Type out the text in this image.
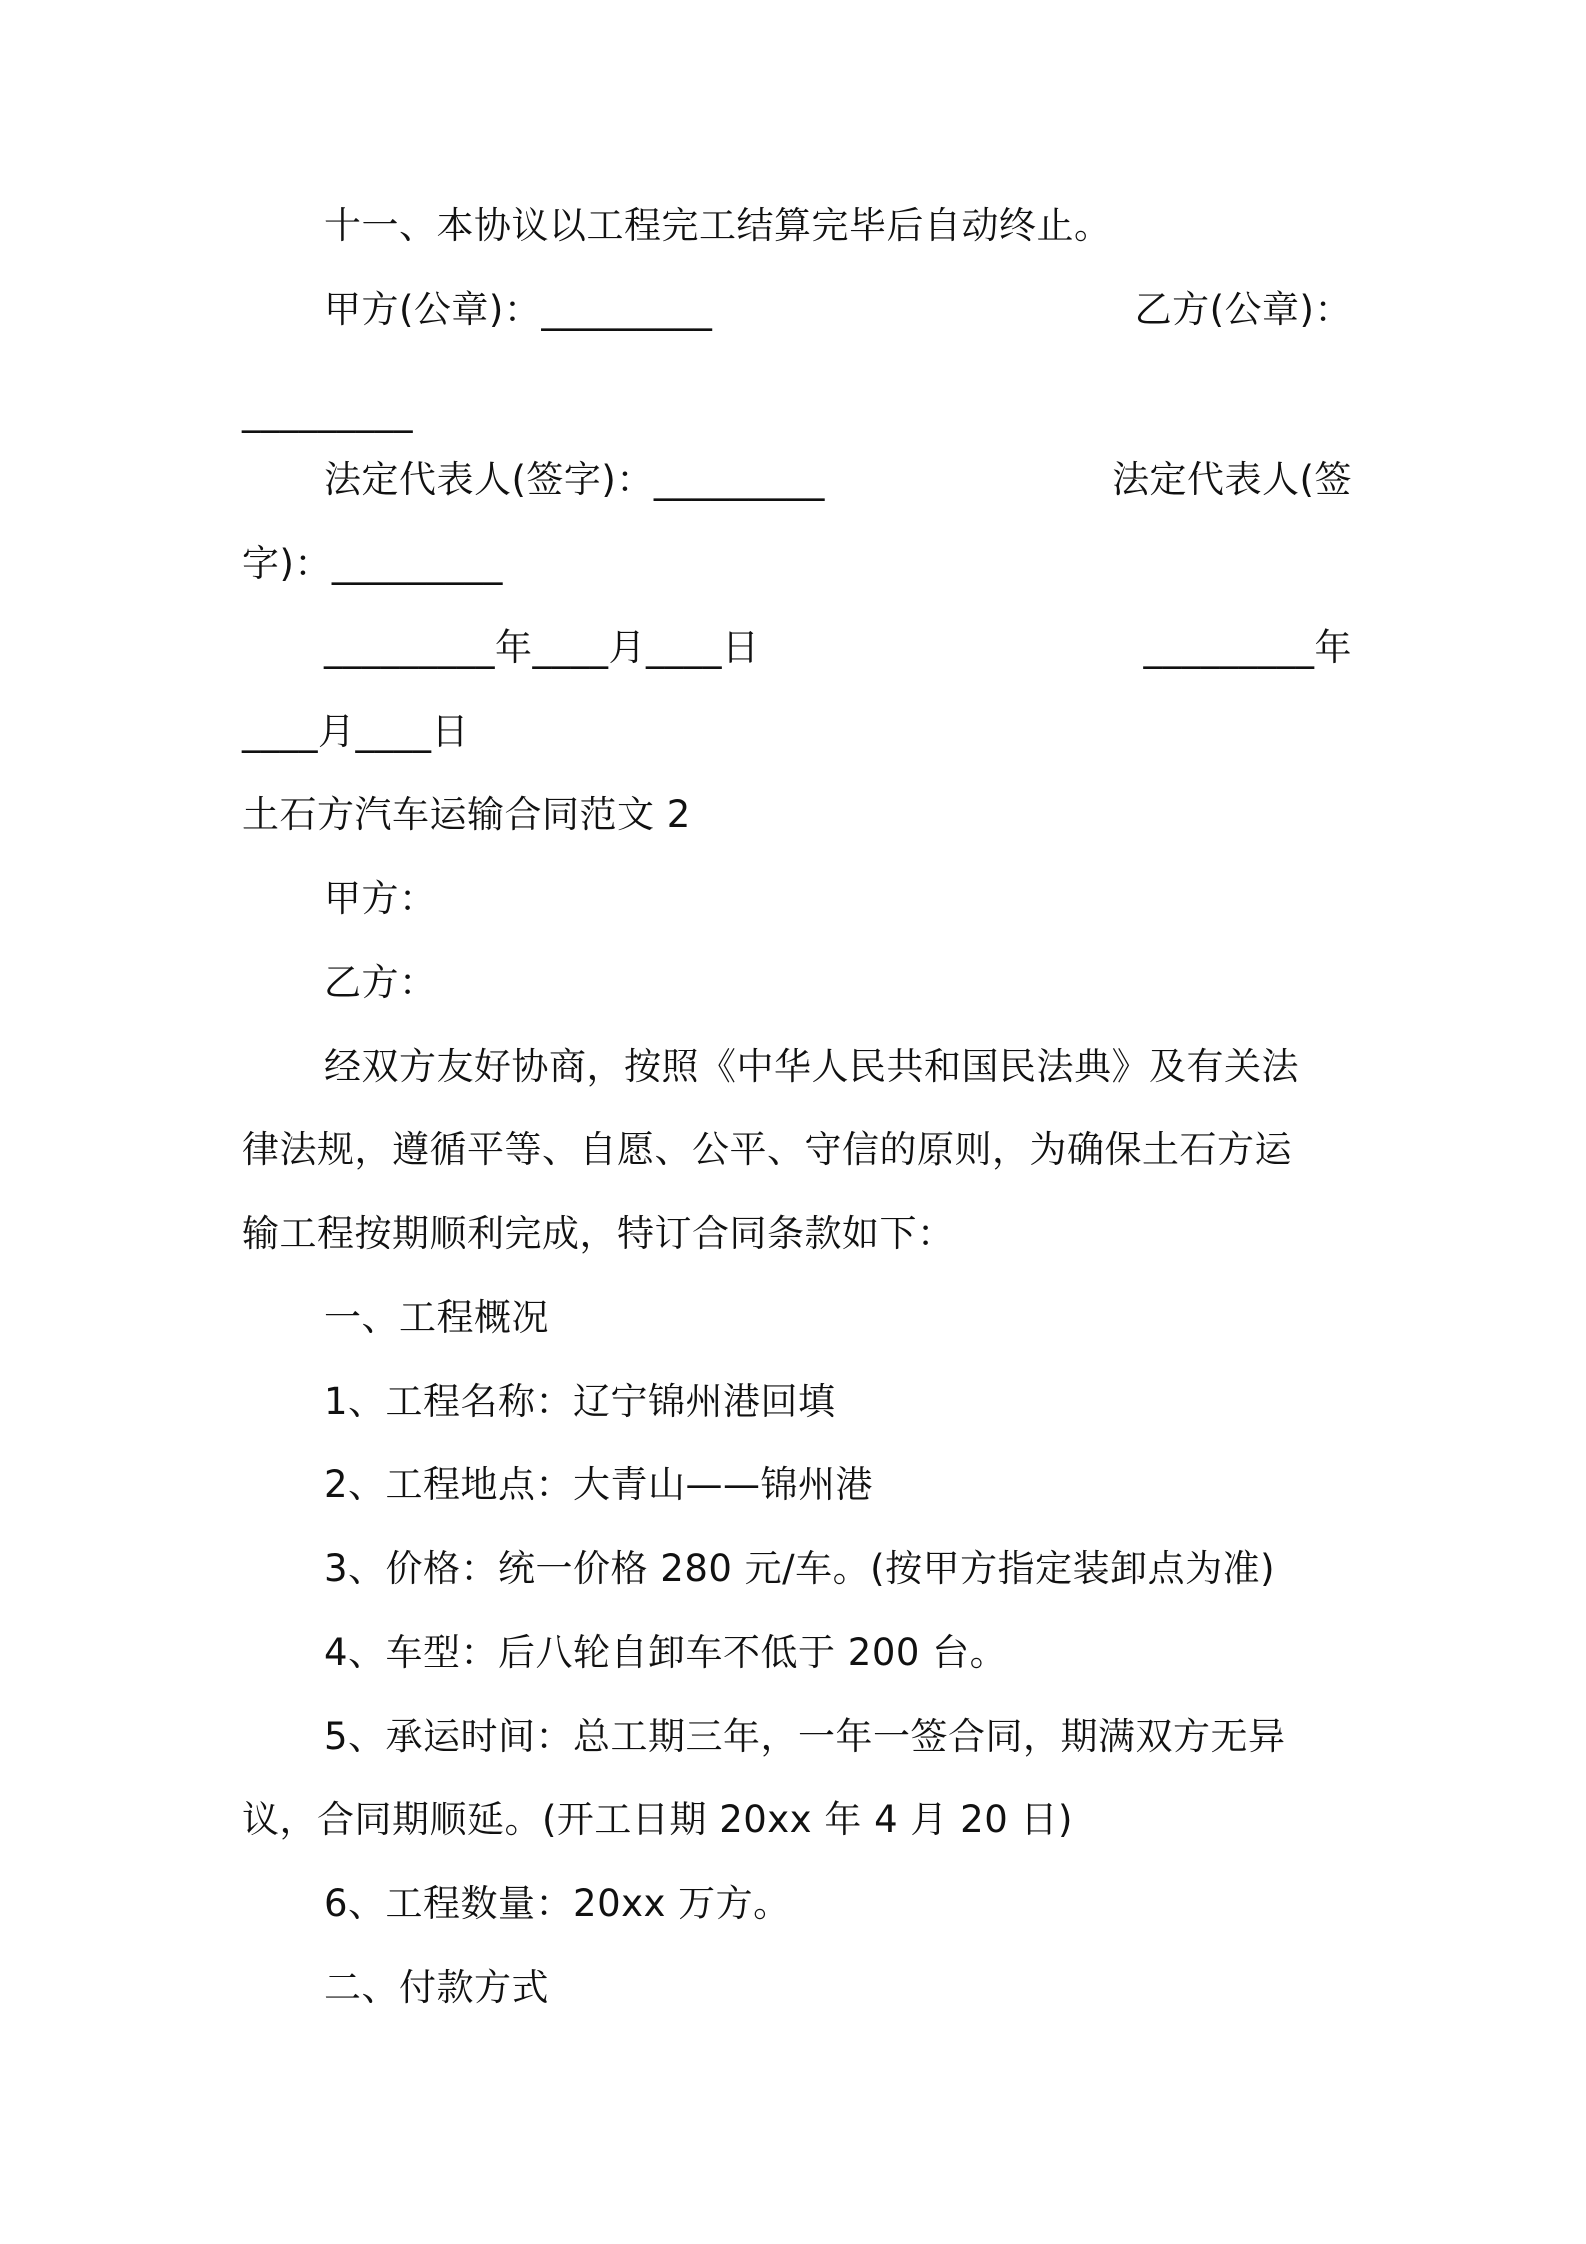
十一、本协议以工程完工结算完毕后自动终止。
甲方(公章)：_________	乙方(公章)：
_________
法定代表人(签字)：_________	法定代表人(签
字)：_________
_________年____月____日	_________年
____月____日
土石方汽车运输合同范文 2
甲方：
乙方：
经双方友好协商，按照《中华人民共和国民法典》及有关法
律法规，遵循平等、自愿、公平、守信的原则，为确保土石方运
输工程按期顺利完成，特订合同条款如下：
一、工程概况
1、工程名称：辽宁锦州港回填
2、工程地点：大青山——锦州港
3、价格：统一价格 280 元/车。(按甲方指定装卸点为准)
4、车型：后八轮自卸车不低于 200 台。
5、承运时间：总工期三年，一年一签合同，期满双方无异
议，合同期顺延。(开工日期 20xx 年 4 月 20 日)
6、工程数量：20xx 万方。
二、付款方式
